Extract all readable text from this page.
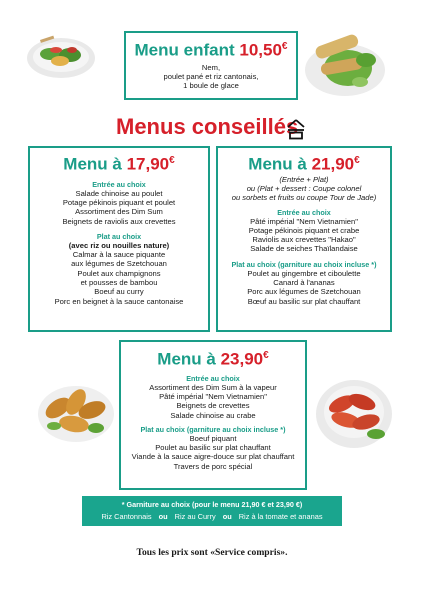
Menu enfant 10,50€
Nem,
poulet pané et riz cantonais,
1 boule de glace
Menus conseillés
Menu à 17,90€
Entrée au choix
Salade chinoise au poulet
Potage pékinois piquant et poulet
Assortiment des Dim Sum
Beignets de raviolis aux crevettes
Plat au choix
(avec riz ou nouilles nature)
Calmar à la sauce piquante
aux légumes de Szetchouan
Poulet aux champignons
et pousses de bambou
Boeuf au curry
Porc en beignet à la sauce cantonaise
Menu à 21,90€
(Entrée + Plat)
ou (Plat + dessert : Coupe colonel
ou sorbets et fruits ou coupe Tour de Jade)
Entrée au choix
Pâté impérial "Nem Vietnamien"
Potage pékinois piquant et crabe
Raviolis aux crevettes "Hakao"
Salade de seiches Thaïlandaise
Plat au choix (garniture au choix incluse *)
Poulet au gingembre et ciboulette
Canard à l'ananas
Porc aux légumes de Szetchouan
Bœuf au basilic sur plat chauffant
Menu à 23,90€
Entrée au choix
Assortiment des Dim Sum à la vapeur
Pâté impérial "Nem Vietnamien"
Beignets de crevettes
Salade chinoise au crabe
Plat au choix (garniture au choix incluse *)
Boeuf piquant
Poulet au basilic sur plat chauffant
Viande à la sauce aigre-douce sur plat chauffant
Travers de porc spécial
* Garniture au choix (pour le menu 21,90 € et 23,90 €)
Riz Cantonnais ou Riz au Curry ou Riz à la tomate et ananas
Tous les prix sont «Service compris».
